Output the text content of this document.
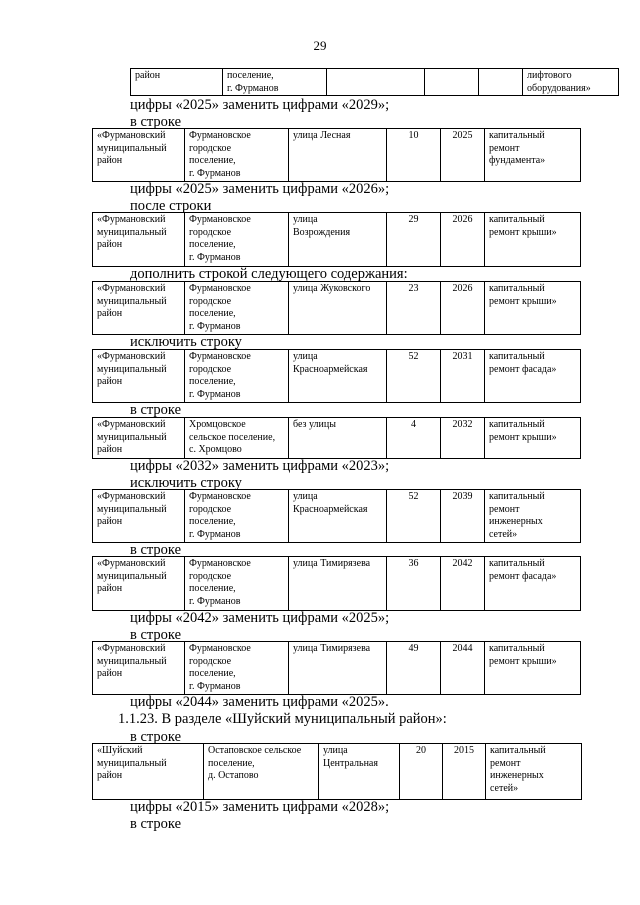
29
район	поселение,
г. Фурманов				лифтового
оборудования»
цифры «2025» заменить цифрами «2029»;
в строке
«Фурмановский
муниципальный
район	Фурмановское
городское
поселение,
г. Фурманов	улица Лесная	10	2025	капитальный
ремонт
фундамента»
цифры «2025» заменить цифрами «2026»;
после строки
«Фурмановский
муниципальный
район	Фурмановское
городское
поселение,
г. Фурманов	улица
Возрождения	29	2026	капитальный
ремонт крыши»
дополнить строкой следующего содержания:
«Фурмановский
муниципальный
район	Фурмановское
городское
поселение,
г. Фурманов	улица Жуковского	23	2026	капитальный
ремонт крыши»
исключить строку
«Фурмановский
муниципальный
район	Фурмановское
городское
поселение,
г. Фурманов	улица
Красноармейская	52	2031	капитальный
ремонт фасада»
в строке
«Фурмановский
муниципальный
район	Хромцовское
сельское поселение,
с. Хромцово	без улицы	4	2032	капитальный
ремонт крыши»
цифры «2032» заменить цифрами «2023»;
исключить строку
«Фурмановский
муниципальный
район	Фурмановское
городское
поселение,
г. Фурманов	улица
Красноармейская	52	2039	капитальный
ремонт
инженерных
сетей»
в строке
«Фурмановский
муниципальный
район	Фурмановское
городское
поселение,
г. Фурманов	улица Тимирязева	36	2042	капитальный
ремонт фасада»
цифры «2042» заменить цифрами «2025»;
в строке
«Фурмановский
муниципальный
район	Фурмановское
городское
поселение,
г. Фурманов	улица Тимирязева	49	2044	капитальный
ремонт крыши»
цифры «2044» заменить цифрами «2025».
1.1.23. В разделе «Шуйский муниципальный район»:
в строке
«Шуйский
муниципальный
район	Остаповское сельское
поселение,
д. Остапово	улица
Центральная	20	2015	капитальный
ремонт
инженерных
сетей»
цифры «2015» заменить цифрами «2028»;
в строке
